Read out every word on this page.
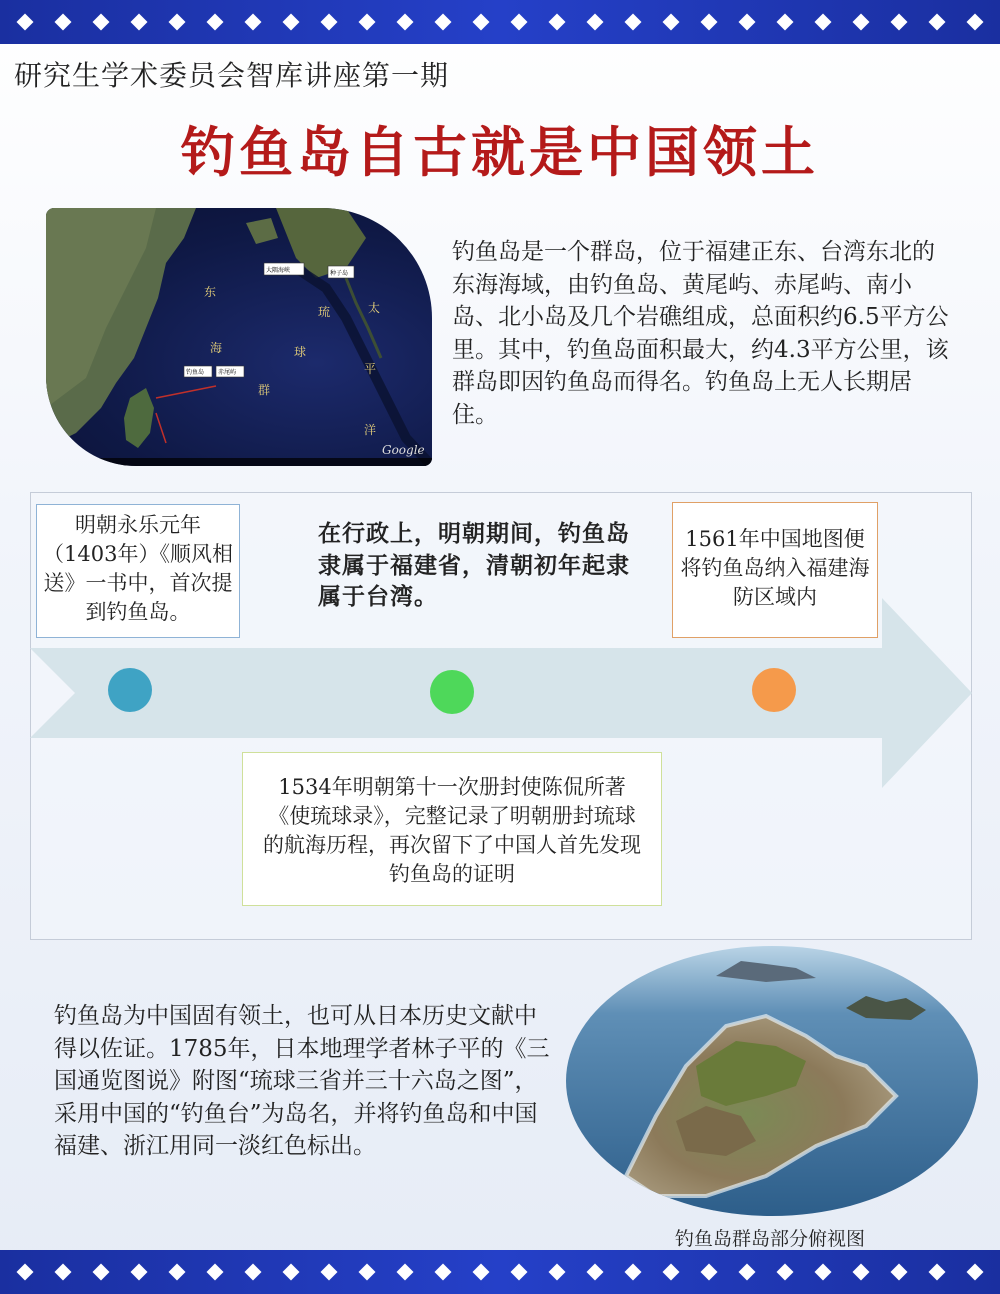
研究生学术委员会智库讲座第一期
钓鱼岛自古就是中国领土
大隅海峡	种子岛
钓鱼岛 赤尾屿
东
海
群
琉
球
太
平
洋
Google
钓鱼岛是一个群岛，位于福建正东、台湾东北的东海海域，由钓鱼岛、黄尾屿、赤尾屿、南小岛、北小岛及几个岩礁组成，总面积约6.5平方公里。其中，钓鱼岛面积最大，约4.3平方公里，该群岛即因钓鱼岛而得名。钓鱼岛上无人长期居住。
明朝永乐元年（1403年）《顺风相送》一书中，首次提到钓鱼岛。
在行政上，明朝期间，钓鱼岛隶属于福建省，清朝初年起隶属于台湾。
1561年中国地图便将钓鱼岛纳入福建海防区域内
1534年明朝第十一次册封使陈侃所著《使琉球录》，完整记录了明朝册封琉球的航海历程，再次留下了中国人首先发现钓鱼岛的证明
钓鱼岛为中国固有领土，也可从日本历史文献中得以佐证。1785年，日本地理学者林子平的《三国通览图说》附图“琉球三省并三十六岛之图”，采用中国的“钓鱼台”为岛名，并将钓鱼岛和中国福建、浙江用同一淡红色标出。
钓鱼岛群岛部分俯视图
